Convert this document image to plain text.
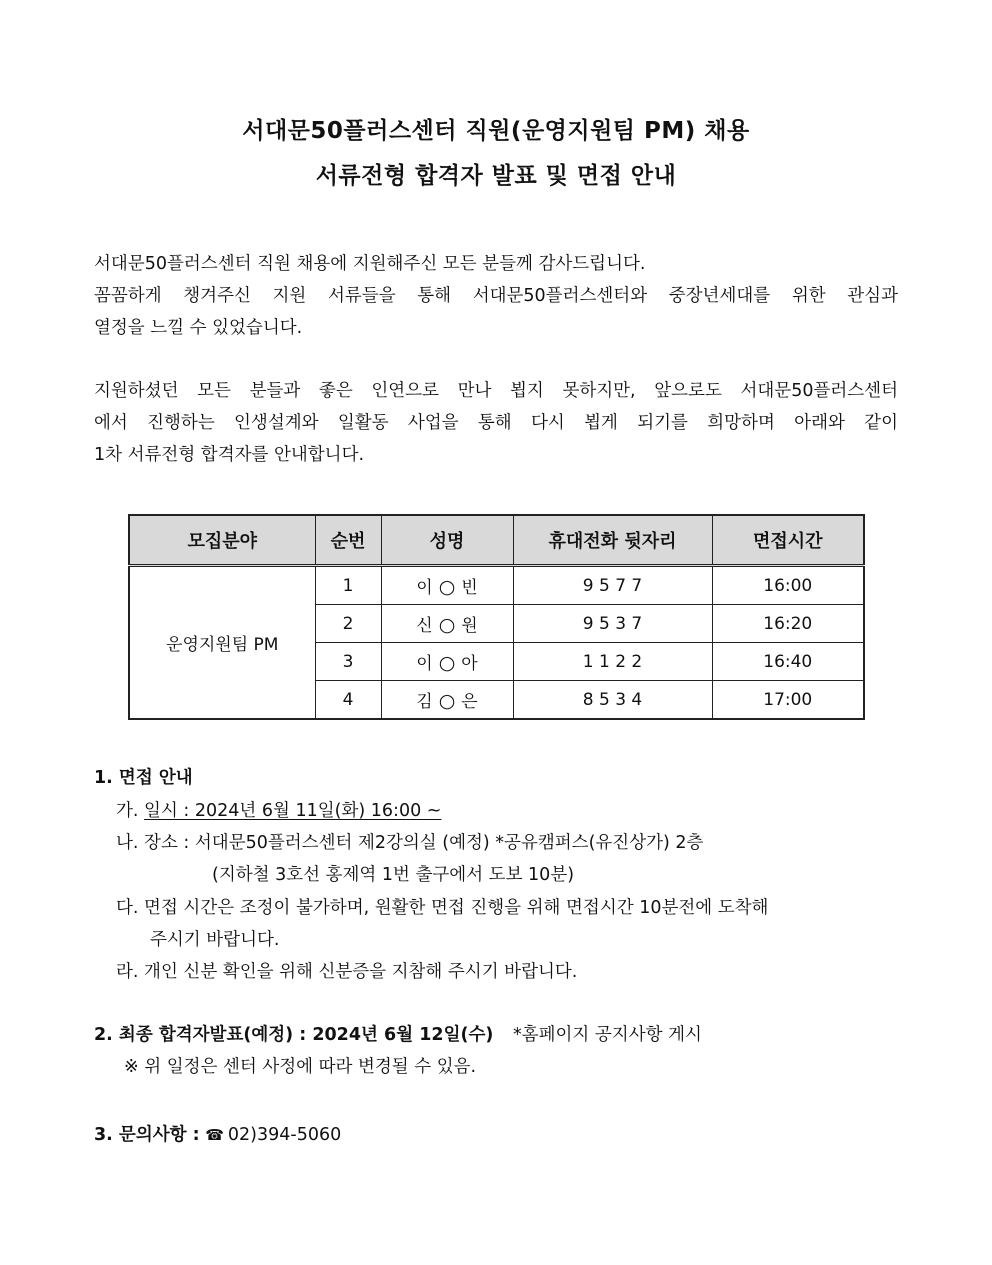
서대문50플러스센터 직원(운영지원팀 PM) 채용
서류전형 합격자 발표 및 면접 안내
서대문50플러스센터 직원 채용에 지원해주신 모든 분들께 감사드립니다.
꼼꼼하게 챙겨주신 지원 서류들을 통해 서대문50플러스센터와 중장년세대를 위한 관심과
열정을 느낄 수 있었습니다.
지원하셨던 모든 분들과 좋은 인연으로 만나 뵙지 못하지만, 앞으로도 서대문50플러스센터
에서 진행하는 인생설계와 일활동 사업을 통해 다시 뵙게 되기를 희망하며 아래와 같이
1차 서류전형 합격자를 안내합니다.
모집분야	순번	성명	휴대전화 뒷자리	면접시간
운영지원팀 PM	1	이 ○ 빈	9 5 7 7	16:00
	2	신 ○ 원	9 5 3 7	16:20
	3	이 ○ 아	1 1 2 2	16:40
	4	김 ○ 은	8 5 3 4	17:00
1. 면접 안내
가. 일시 : 2024년 6월 11일(화) 16:00 ~
나. 장소 : 서대문50플러스센터 제2강의실 (예정) *공유캠퍼스(유진상가) 2층
(지하철 3호선 홍제역 1번 출구에서 도보 10분)
다. 면접 시간은 조정이 불가하며, 원활한 면접 진행을 위해 면접시간 10분전에 도착해
주시기 바랍니다.
라. 개인 신분 확인을 위해 신분증을 지참해 주시기 바랍니다.
2. 최종 합격자발표(예정) : 2024년 6월 12일(수) *홈페이지 공지사항 게시
※ 위 일정은 센터 사정에 따라 변경될 수 있음.
3. 문의사항 : ☎ 02)394-5060
